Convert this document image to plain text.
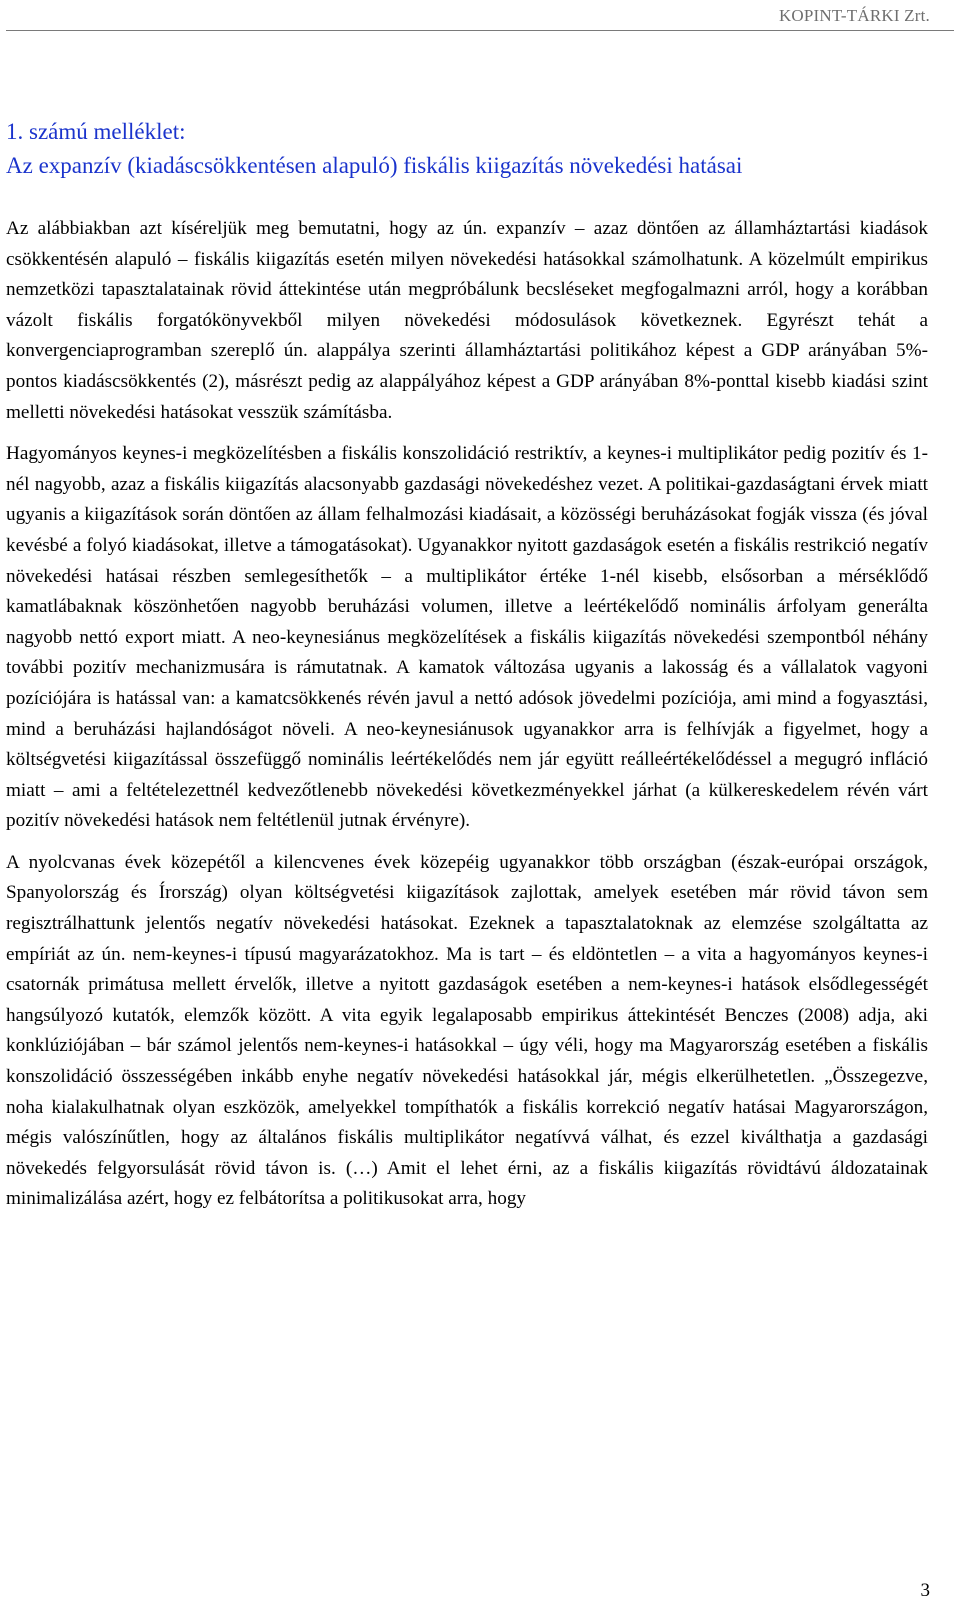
KOPINT-TÁRKI Zrt.
1. számú melléklet:
Az expanzív (kiadáscsökkentésen alapuló) fiskális kiigazítás növekedési hatásai

Az alábbiakban azt kíséreljük meg bemutatni, hogy az ún. expanzív – azaz döntően az államháztartási kiadások csökkentésén alapuló – fiskális kiigazítás esetén milyen növekedési hatásokkal számolhatunk. A közelmúlt empirikus nemzetközi tapasztalatainak rövid áttekintése után megpróbálunk becsléseket megfogalmazni arról, hogy a korábban vázolt fiskális forgatókönyvekből milyen növekedési módosulások következnek. Egyrészt tehát a konvergenciaprogramban szereplő ún. alappálya szerinti államháztartási politikához képest a GDP arányában 5%-pontos kiadáscsökkentés (2), másrészt pedig az alappályához képest a GDP arányában 8%-ponttal kisebb kiadási szint melletti növekedési hatásokat vesszük számításba.

Hagyományos keynes-i megközelítésben a fiskális konszolidáció restriktív, a keynes-i multiplikátor pedig pozitív és 1-nél nagyobb, azaz a fiskális kiigazítás alacsonyabb gazdasági növekedéshez vezet. A politikai-gazdaságtani érvek miatt ugyanis a kiigazítások során döntően az állam felhalmozási kiadásait, a közösségi beruházásokat fogják vissza (és jóval kevésbé a folyó kiadásokat, illetve a támogatásokat). Ugyanakkor nyitott gazdaságok esetén a fiskális restrikció negatív növekedési hatásai részben semlegesíthetők – a multiplikátor értéke 1-nél kisebb, elsősorban a mérséklődő kamatlábaknak köszönhetően nagyobb beruházási volumen, illetve a leértékelődő nominális árfolyam generálta nagyobb nettó export miatt. A neo-keynesiánus megközelítések a fiskális kiigazítás növekedési szempontból néhány további pozitív mechanizmusára is rámutatnak. A kamatok változása ugyanis a lakosság és a vállalatok vagyoni pozíciójára is hatással van: a kamatcsökkenés révén javul a nettó adósok jövedelmi pozíciója, ami mind a fogyasztási, mind a beruházási hajlandóságot növeli. A neo-keynesiánusok ugyanakkor arra is felhívják a figyelmet, hogy a költségvetési kiigazítással összefüggő nominális leértékelődés nem jár együtt reálleértékelődéssel a megugró infláció miatt – ami a feltételezettnél kedvezőtlenebb növekedési következményekkel járhat (a külkereskedelem révén várt pozitív növekedési hatások nem feltétlenül jutnak érvényre).

A nyolcvanas évek közepétől a kilencvenes évek közepéig ugyanakkor több országban (észak-európai országok, Spanyolország és Írország) olyan költségvetési kiigazítások zajlottak, amelyek esetében már rövid távon sem regisztrálhattunk jelentős negatív növekedési hatásokat. Ezeknek a tapasztalatoknak az elemzése szolgáltatta az empíriát az ún. nem-keynes-i típusú magyarázatokhoz. Ma is tart – és eldöntetlen – a vita a hagyományos keynes-i csatornák primátusa mellett érvelők, illetve a nyitott gazdaságok esetében a nem-keynes-i hatások elsődlegességét hangsúlyozó kutatók, elemzők között. A vita egyik legalaposabb empirikus áttekintését Benczes (2008) adja, aki konklúziójában – bár számol jelentős nem-keynes-i hatásokkal – úgy véli, hogy ma Magyarország esetében a fiskális konszolidáció összességében inkább enyhe negatív növekedési hatásokkal jár, mégis elkerülhetetlen. „Összegezve, noha kialakulhatnak olyan eszközök, amelyekkel tompíthatók a fiskális korrekció negatív hatásai Magyarországon, mégis valószínűtlen, hogy az általános fiskális multiplikátor negatívvá válhat, és ezzel kiválthatja a gazdasági növekedés felgyorsulását rövid távon is. (…) Amit el lehet érni, az a fiskális kiigazítás rövidtávú áldozatainak minimalizálása azért, hogy ez felbátorítsa a politikusokat arra, hogy

3
